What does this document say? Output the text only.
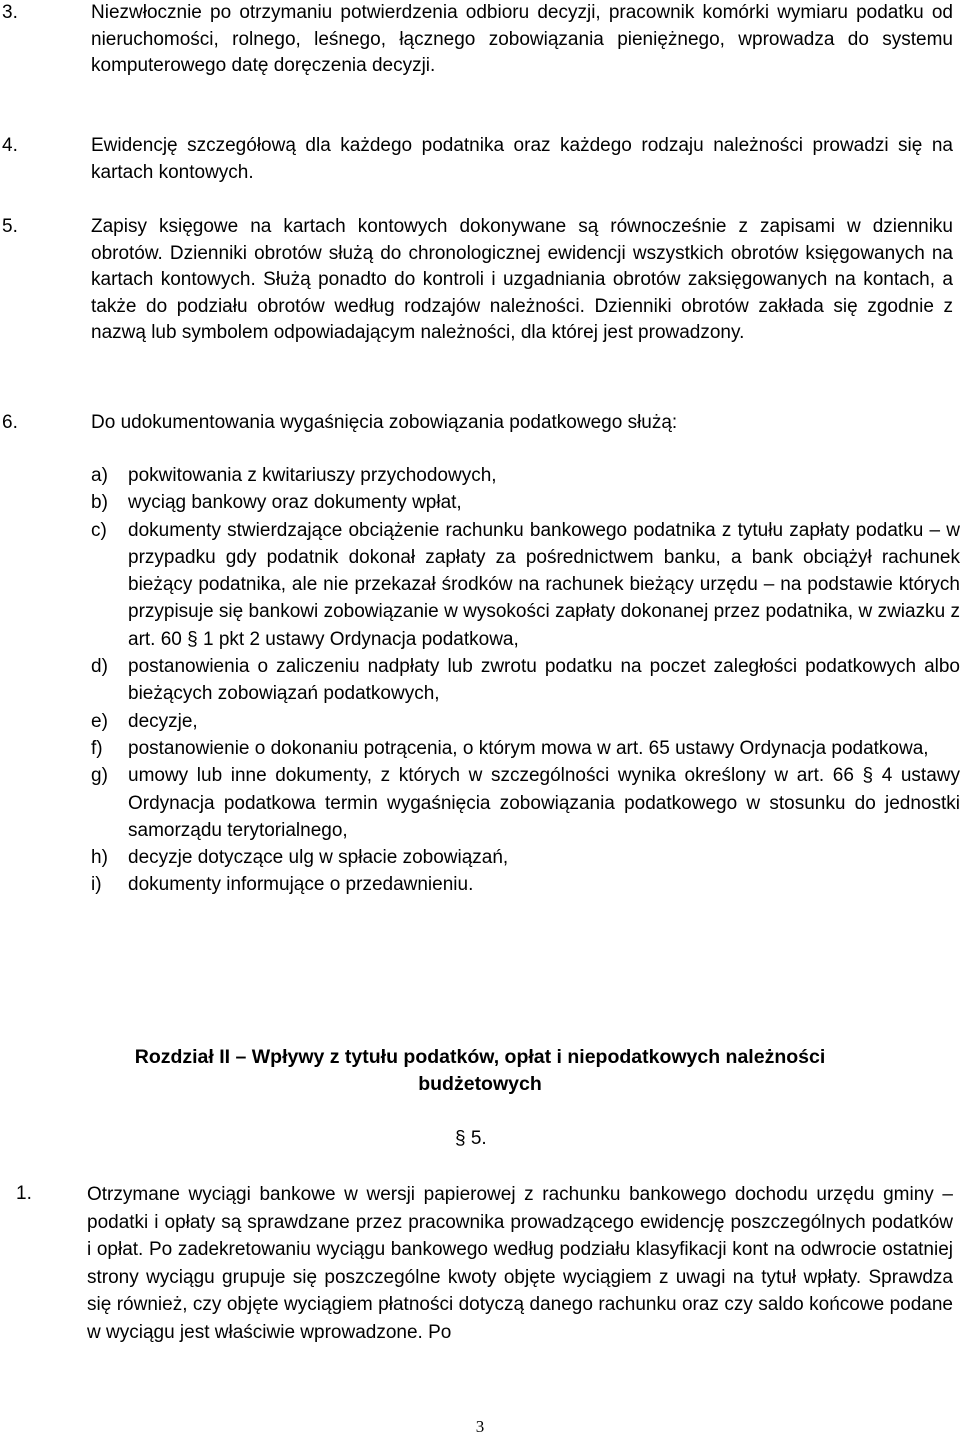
3.	Niezwłocznie po otrzymaniu potwierdzenia odbioru decyzji, pracownik komórki wymiaru podatku od nieruchomości, rolnego, leśnego, łącznego zobowiązania pieniężnego, wprowadza do systemu komputerowego datę doręczenia decyzji.
4.	Ewidencję szczegółową dla każdego podatnika oraz każdego rodzaju należności prowadzi się na kartach kontowych.
5.	Zapisy księgowe na kartach kontowych dokonywane są równocześnie z zapisami w dzienniku obrotów. Dzienniki obrotów służą do chronologicznej ewidencji wszystkich obrotów księgowanych na kartach kontowych. Służą ponadto do kontroli i uzgadniania obrotów zaksięgowanych na kontach, a także do podziału obrotów według rodzajów należności. Dzienniki obrotów zakłada się zgodnie z nazwą lub symbolem odpowiadającym należności, dla której jest prowadzony.
6.	Do udokumentowania wygaśnięcia zobowiązania podatkowego służą:
a) pokwitowania z kwitariuszy przychodowych,
b) wyciąg bankowy oraz dokumenty wpłat,
c) dokumenty stwierdzające obciążenie rachunku bankowego podatnika z tytułu zapłaty podatku – w przypadku gdy podatnik dokonał zapłaty za pośrednictwem banku, a bank obciążył rachunek bieżący podatnika, ale nie przekazał środków na rachunek bieżący urzędu – na podstawie których przypisuje się bankowi zobowiązanie w wysokości zapłaty dokonanej przez podatnika, w zwiazku z art. 60 § 1 pkt 2 ustawy Ordynacja podatkowa,
d) postanowienia o zaliczeniu nadpłaty lub zwrotu podatku na poczet zaległości podatkowych albo bieżących zobowiązań podatkowych,
e) decyzje,
f) postanowienie o dokonaniu potrącenia, o którym mowa w art. 65 ustawy Ordynacja podatkowa,
g) umowy lub inne dokumenty, z których w szczególności wynika określony w art. 66 § 4 ustawy Ordynacja podatkowa termin wygaśnięcia zobowiązania podatkowego w stosunku do jednostki samorządu terytorialnego,
h) decyzje dotyczące ulg w spłacie zobowiązań,
i) dokumenty informujące o przedawnieniu.
Rozdział II – Wpływy z tytułu podatków, opłat i niepodatkowych należności
budżetowych
§ 5.
1.	Otrzymane wyciągi bankowe w wersji papierowej z rachunku bankowego dochodu urzędu gminy – podatki i opłaty są sprawdzane przez pracownika prowadzącego ewidencję poszczególnych podatków i opłat. Po zadekretowaniu wyciągu bankowego według podziału klasyfikacji kont na odwrocie ostatniej strony wyciągu grupuje się poszczególne kwoty objęte wyciągiem z uwagi na tytuł wpłaty. Sprawdza się również, czy objęte wyciągiem płatności dotyczą danego rachunku oraz czy saldo końcowe podane w wyciągu jest właściwie wprowadzone. Po
3
